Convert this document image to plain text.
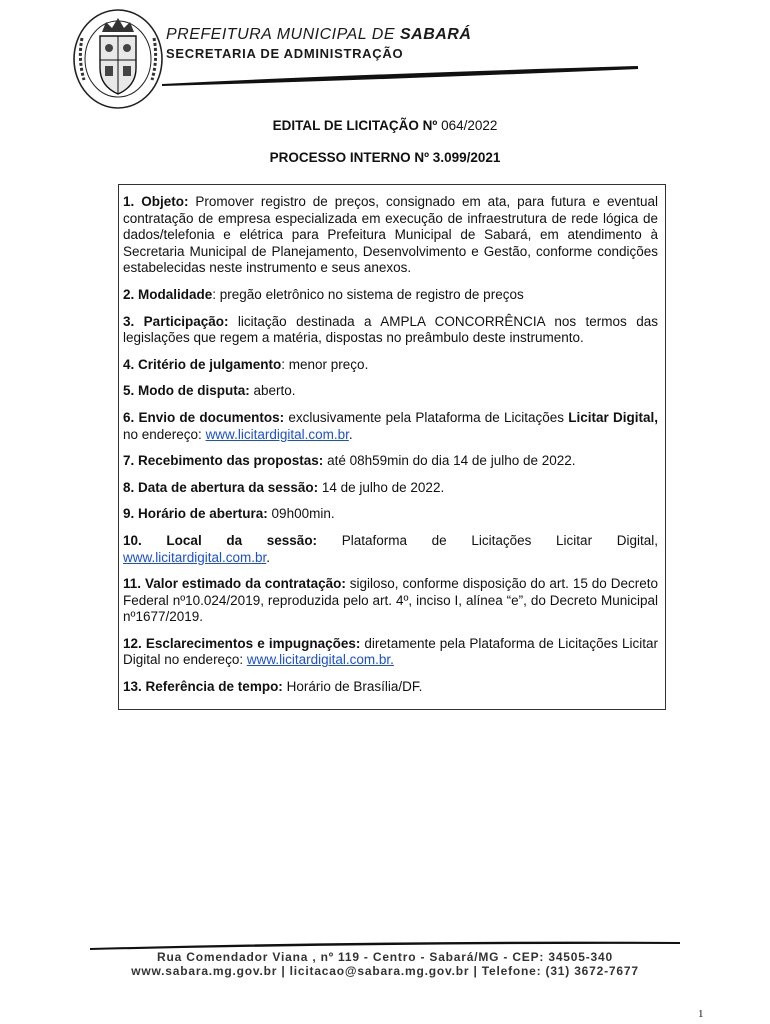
PREFEITURA MUNICIPAL DE SABARÁ
SECRETARIA DE ADMINISTRAÇÃO
EDITAL DE LICITAÇÃO Nº 064/2022
PROCESSO INTERNO Nº 3.099/2021

1. Objeto: Promover registro de preços, consignado em ata, para futura e eventual contratação de empresa especializada em execução de infraestrutura de rede lógica de dados/telefonia e elétrica para Prefeitura Municipal de Sabará, em atendimento à Secretaria Municipal de Planejamento, Desenvolvimento e Gestão, conforme condições estabelecidas neste instrumento e seus anexos.

2. Modalidade: pregão eletrônico no sistema de registro de preços

3. Participação: licitação destinada a AMPLA CONCORRÊNCIA nos termos das legislações que regem a matéria, dispostas no preâmbulo deste instrumento.

4. Critério de julgamento: menor preço.

5. Modo de disputa: aberto.

6. Envio de documentos: exclusivamente pela Plataforma de Licitações Licitar Digital, no endereço: www.licitardigital.com.br.

7. Recebimento das propostas: até 08h59min do dia 14 de julho de 2022.

8. Data de abertura da sessão: 14 de julho de 2022.

9. Horário de abertura: 09h00min.

10. Local da sessão: Plataforma de Licitações Licitar Digital,
www.licitardigital.com.br.

11. Valor estimado da contratação: sigiloso, conforme disposição do art. 15 do Decreto Federal nº10.024/2019, reproduzida pelo art. 4º, inciso I, alínea “e”, do Decreto Municipal nº1677/2019.

12. Esclarecimentos e impugnações: diretamente pela Plataforma de Licitações Licitar Digital no endereço: www.licitardigital.com.br.

13. Referência de tempo: Horário de Brasília/DF.

Rua Comendador Viana , nº 119 - Centro - Sabará/MG - CEP: 34505-340
www.sabara.mg.gov.br | licitacao@sabara.mg.gov.br | Telefone: (31) 3672-7677
1
